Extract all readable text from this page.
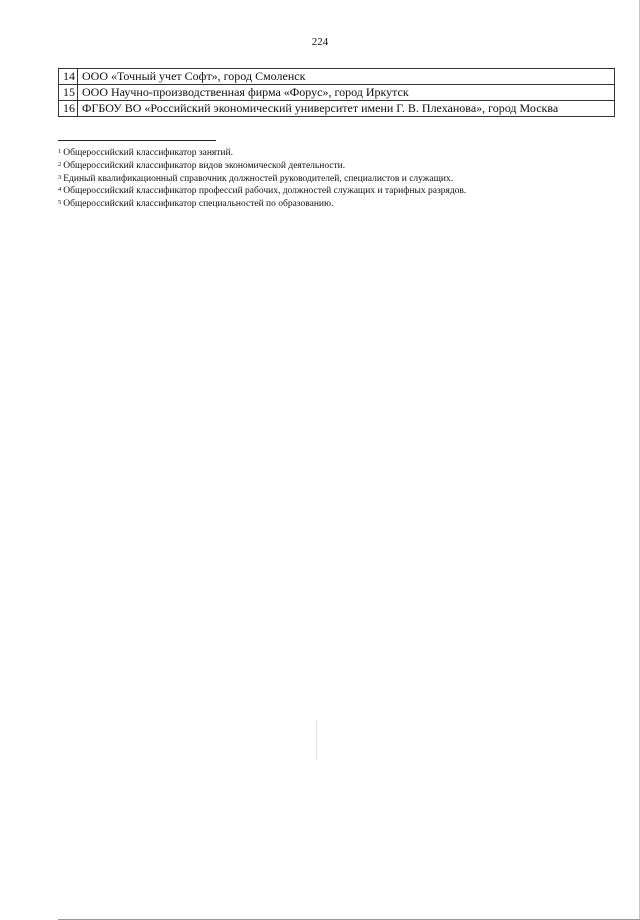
224
14	ООО «Точный учет Софт», город Смоленск
15	ООО Научно-производственная фирма «Форус», город Иркутск
16	ФГБОУ ВО «Российский экономический университет имени Г. В. Плеханова», город Москва
$^1$ Общероссийский классификатор занятий.
$^2$ Общероссийский классификатор видов экономической деятельности.
$^3$ Единый квалификационный справочник должностей руководителей, специалистов и служащих.
$^4$ Общероссийский классификатор профессий рабочих, должностей служащих и тарифных разрядов.
$^5$ Общероссийский классификатор специальностей по образованию.
